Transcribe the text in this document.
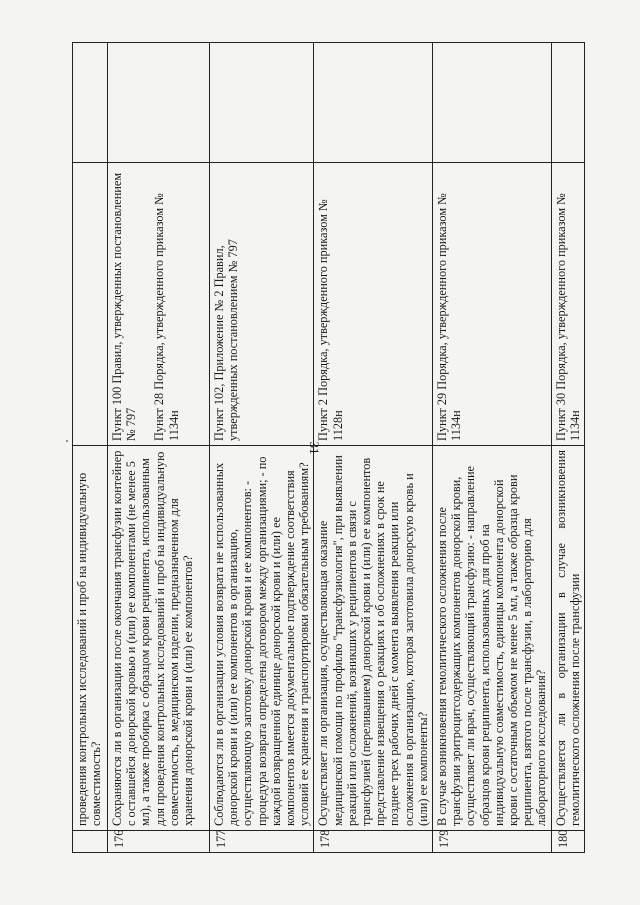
31
	проведения контрольных исследований и проб на индивидуальную совместимость?		
176	Сохраняются ли в организации после окончания трансфузии контейнер с оставшейся донорской кровью и (или) ее компонентами (не менее 5 мл), а также пробирка с образцом крови реципиента, использованным для проведения контрольных исследований и проб на индивидуальную совместимость, в медицинском изделии, предназначенном для хранения донорской крови и (или) ее компонентов?	Пункт 100 Правил, утвержденных постановлением № 797 Пункт 28 Порядка, утвержденного приказом № 1134н	

177	Соблюдаются ли в организации условия возврата не использованных донорской крови и (или) ее компонентов в организацию, осуществляющую заготовку донорской крови и ее компонентов: - процедура возврата определена договором между организациями; - по каждой возвращенной единице донорской крови и (или) ее компонентов имеется документальное подтверждение соответствия условий ее хранения и транспортировки обязательным требованиям?	Пункт 102, Приложение № 2 Правил, утвержденных постановлением № 797	

178	Осуществляет ли организация, осуществляющая оказание медицинской помощи по профилю "трансфузиология", при выявлении реакций или осложнений, возникших у реципиентов в связи с трансфузией (переливанием) донорской крови и (или) ее компонентов представление извещения о реакциях и об осложнениях в срок не позднее трех рабочих дней с момента выявления реакции или осложнения в организацию, которая заготовила донорскую кровь и (или) ее компоненты?	Пункт 2 Порядка, утвержденного приказом № 1128н	

179	В случае возникновения гемолитического осложнения после трансфузии эритроцитсодержащих компонентов донорской крови, осуществляет ли врач, осуществляющий трансфузию: - направление образцов крови реципиента, использованных для проб на индивидуальную совместимость, единицы компонента донорской крови с остаточным объемом не менее 5 мл, а также образца крови реципиента, взятого после трансфузии, в лабораторию для лабораторного исследования?	Пункт 29 Порядка, утвержденного приказом № 1134н	

180	Осуществляется ли в организации в случае возникновения гемолитического осложнения после трансфузии	Пункт 30 Порядка, утвержденного приказом № 1134н	
